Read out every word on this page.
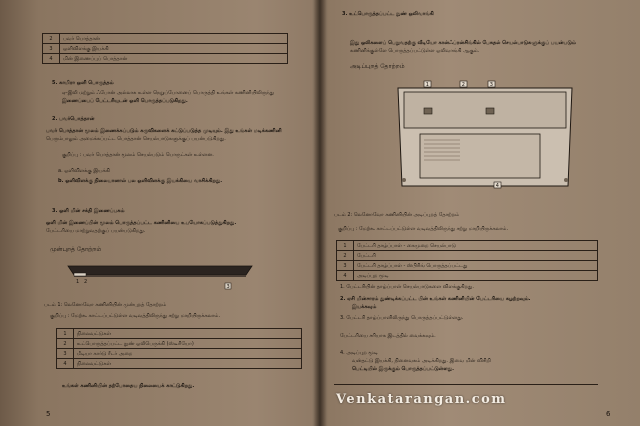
2	பவர் பொத்தான்
3	ஒளிவிளக்கு இயக்கி
4	மின் இணைப்புப் பொத்தான்
5. காமிரா ஒளி பொருத்தம்
ஏ-இலி மற்றும் ஃபோன் அல்லாக உள்ள நெறுப்போனைப் பொருத்தி உங்கள் கணினியிலிருந்து
இணைப்பைப் பேட்டரியுடன் ஒளி பொருத்தப்படுகிறது.
2. பவர்பொத்தான்
பவர் பொத்தான் மூலம் இணைக்கப்படும் கருவிகளைக் கட்டுப்படுத்த முடியும். இது உங்கள் மடிக்கணினி
பெரும்பாலும் அமைக்கப்பட்ட பொத்தான் செயல்பாடுகளுக்குப் பயன்படுகிறது.
குறிப்பு : பவர் பொத்தான் மூலம் செயல்படும் பொருட்கள் உள்ளன.
a. ஒளிவிளக்கு இயக்கி
b. ஒளிவிளக்கு நிலையானால் பல ஒளிவிளக்கு இயக்கியை வாசிக்கிறது.
3. ஒளி மின் சக்தி இணைப்பகம்
ஒளி மின் இணைப்பின் மூலம் பொருத்தப்பட்ட கணினியை உபயோகப்படுத்துகிறது.
பேட்டரியை மாற்றுவதற்குப் பயன்படுகிறது.
முன்புறத் தோற்றம்
1 2
3
படம் 1: லெனோவோ கணினியின் முன்புறத் தோற்றம்
குறிப்பு : மேற்கூ காட்டப்பட்டுள்ள வடிவத்திலிருந்து சற்று மாறியிருக்கலாம்.
1	நிலைவட்டுகள்
2	உட்பொருத்தப்பட்ட நுண் ஒலிபெருக்கி (ஸ்டீரியோ)
3	மீடியா கார்டு ரீடர் அறை
4	நிலைவட்டுகள்
உங்கள் கணினியின் தற்போதைய நிலையைக் காட்டுகிறது.
5
3. உட்பொருத்தப்பட்ட நுண் ஒலிவாங்கி
இது ஒலிகளைப் பெறுவதற்கு வீடியோ கான்ஃப்ரன்சிங்கில் பேசுதல் செயல்பாடுகளுக்குப் பயன்படும்
கணினிக்குள்ளே பொருத்தப்பட்டுள்ள ஒலிவாங்கி ஆகும்.
அடிப்புறத் தோற்றம்
1	2	3
4
படம் 2: லெனோவோ கணினியின் அடிப்புறத் தோற்றம்
குறிப்பு : மேற்கூ காட்டப்பட்டுள்ள வடிவத்திலிருந்து சற்று மாறியிருக்கலாம்.
1	பேட்டரி தாழ்ப்பாள் - கைமுறை செயல்பாடு
2	பேட்டரி
3	பேட்டரி தாழ்ப்பாள் - ஸ்பிரிங் பொருத்தப்பட்டது
4	அடிப்புற மூடி
1. பேட்டரியின் தாழ்ப்பாள் செயல்பாடுகளை விளக்குகிறது.
2. ஏசி மின்சாரம் துண்டிக்கப்பட்ட பின் உங்கள் கணினியின் பேட்டரியை கழற்றவும்.
இயக்கவும்
3. பேட்டரி தாழ்ப்பாளிலிருந்து பொருத்தப்பட்டுள்ளது.
பேட்டரியை சரியாக இடத்தில் வைக்கவும்.
4. அடிப்புற மூடி
வன்தட்டு இயக்கி, நினைவகம் அடிக்கிறது. இவை மின் விசிறி
பெட்டியில் இருக்கும் பொருத்தப்பட்டுள்ளது.
6
Venkatarangan.com
